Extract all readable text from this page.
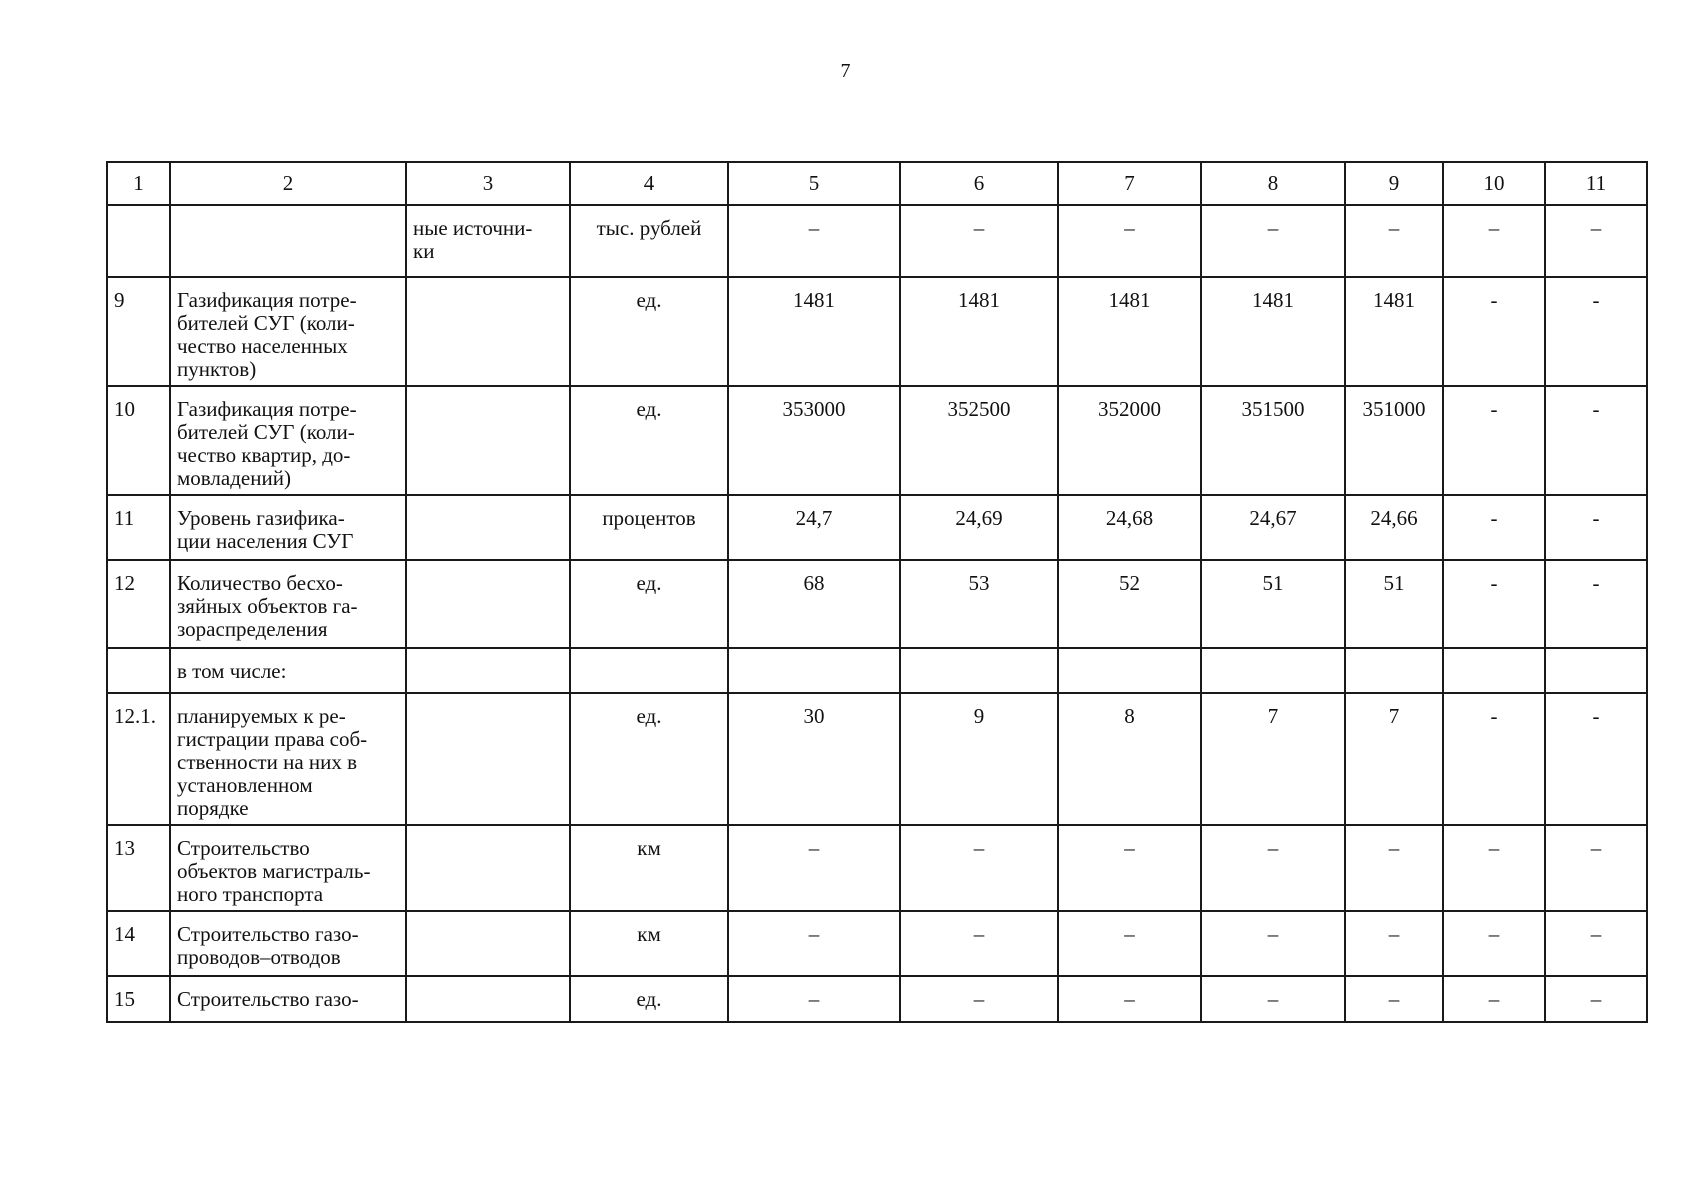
7
1	2	3	4	5	6	7	8	9	10	11
		ные источни-
ки	тыс. рублей	–	–	–	–	–	–	–
9	Газификация потре-
бителей СУГ (коли-
чество населенных
пунктов)		ед.	1481	1481	1481	1481	1481	-	-
10	Газификация потре-
бителей СУГ (коли-
чество квартир, до-
мовладений)		ед.	353000	352500	352000	351500	351000	-	-
11	Уровень газифика-
ции населения СУГ		процентов	24,7	24,69	24,68	24,67	24,66	-	-
12	Количество бесхо-
зяйных объектов га-
зораспределения		ед.	68	53	52	51	51	-	-
	в том числе:									
12.1.	планируемых к ре-
гистрации права соб-
ственности на них в
установленном
порядке		ед.	30	9	8	7	7	-	-
13	Строительство
объектов магистраль-
ного транспорта		км	–	–	–	–	–	–	–
14	Строительство газо-
проводов–отводов		км	–	–	–	–	–	–	–
15	Строительство газо-		ед.	–	–	–	–	–	–	–
